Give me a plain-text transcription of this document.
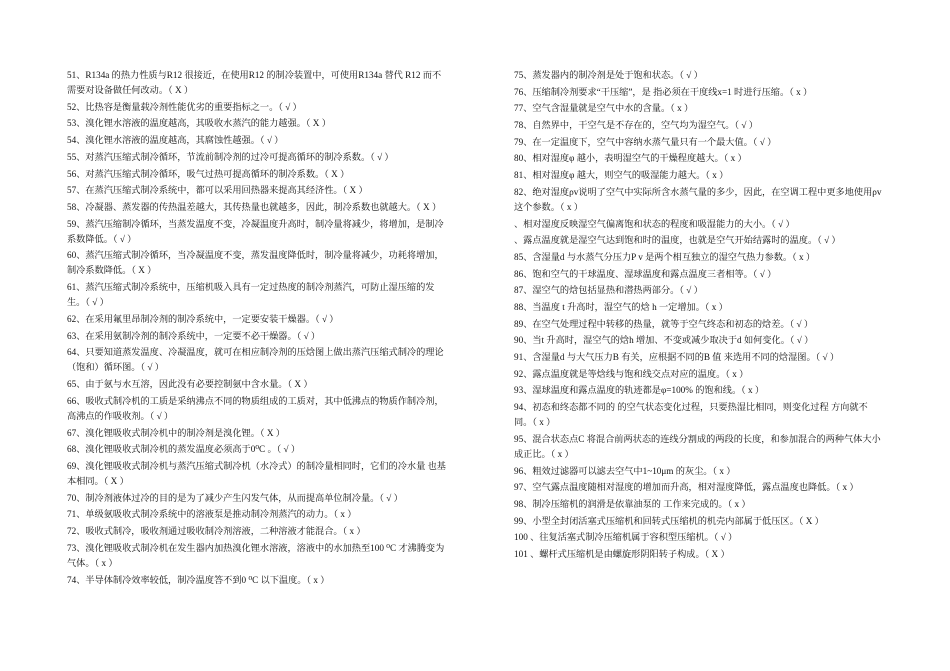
51、R134a 的热力性质与R12 很接近，在使用R12 的制冷装置中，可使用R134a 替代 R12 而不需要对设备做任何改动。（ X ）
52、比热容是衡量载冷剂性能优劣的重要指标之一。（ √ ）
53、溴化锂水溶液的温度越高，其吸收水蒸汽的能力越强。（ X ）
54、溴化锂水溶液的温度越高，其腐蚀性越强。（ √ ）
55、对蒸汽压缩式制冷循环，节流前制冷剂的过冷可提高循环的制冷系数。（ √ ）
56、对蒸汽压缩式制冷循环，吸气过热可提高循环的制冷系数。（ X ）
57、在蒸汽压缩式制冷系统中，都可以采用回热器来提高其经济性。（ X ）
58、冷凝器、蒸发器的传热温差越大，其传热量也就越多，因此，制冷系数也就越大。（ X ）
59、蒸汽压缩制冷循环，当蒸发温度不变，冷凝温度升高时，制冷量将减少，将增加，是制冷系数降低。（ √ ）
60、蒸汽压缩式制冷循环，当冷凝温度不变，蒸发温度降低时，制冷量将减少，功耗将增加，制冷系数降低。（ X ）
61、蒸汽压缩式制冷系统中，压缩机吸入具有一定过热度的制冷剂蒸汽，可防止湿压缩的发生。（ √ ）
62、在采用氟里昂制冷剂的制冷系统中，一定要安装干燥器。（ √ ）
63、在采用氨制冷剂的制冷系统中，一定要不必干燥器。（ √ ）
64、只要知道蒸发温度、冷凝温度，就可在相应制冷剂的压焓图上做出蒸汽压缩式制冷的理论（饱和）循环图。（ √ ）
65、由于氨与水互溶，因此没有必要控制氨中含水量。（ X ）
66、吸收式制冷机的工质是采纳沸点不同的物质组成的工质对，其中低沸点的物质作制冷剂，高沸点的作吸收剂。（ √ ）
67、溴化锂吸收式制冷机中的制冷剂是溴化锂。（ X ）
68、溴化锂吸收式制冷机的蒸发温度必须高于0⁰C 。（ √ ）
69、溴化锂吸收式制冷机与蒸汽压缩式制冷机（水冷式）的制冷量相同时，它们的冷水量 也基本相同。（ X ）
70、制冷剂液体过冷的目的是为了减少产生闪发气体，从而提高单位制冷量。（ √ ）
71、单级氨吸收式制冷系统中的溶液泵是推动制冷剂蒸汽的动力。（ x ）
72、吸收式制冷，吸收剂通过吸收制冷剂溶液，二种溶液才能混合。（ x ）
73、溴化锂吸收式制冷机在发生器内加热溴化锂水溶液，溶液中的水加热至100 ⁰C 才沸腾变为 气体。（ x ）
74、半导体制冷效率较低，制冷温度答不到0 ⁰C 以下温度。（ x ）
75、蒸发器内的制冷剂是处于饱和状态。（ √ ）
76、压缩制冷剂要求“干压缩”，是 指必须在干度线x=1 时进行压缩。（ x ）
77、空气含湿量就是空气中水的含量。（ x ）
78、自然界中，干空气是不存在的，空气均为湿空气。（ √ ）
79、在一定温度下，空气中容纳水蒸气量只有一个最大值。（ √ ）
80、相对湿度φ 越小，表明湿空气的干燥程度越大。（ x ）
81、相对湿度φ 越大，则空气的吸湿能力越大。（ x ）
82、绝对湿度ρv说明了空气中实际所含水蒸气量的多少，因此，在空调工程中更多地使用ρv这个参数。（ x ）
、相对湿度反映湿空气偏离饱和状态的程度和吸湿能力的大小。（ √ ）
、露点温度就是湿空气达到饱和时的温度，也就是空气开始结露时的温度。（ √ ）
85、含湿量d 与水蒸气分压力P v 是两个相互独立的湿空气热力参数。（ x ）
86、饱和空气的干球温度、湿球温度和露点温度三者相等。（ √ ）
87、湿空气的焓包括显热和潜热两部分。（ √ ）
88、当温度 t 升高时，湿空气的焓 h 一定增加。（ x ）
89、在空气处理过程中转移的热量，就等于空气终态和初态的焓差。（ √ ）
90、当t 升高时，湿空气的焓h 增加、不变或减少取决于d 如何变化。（ √ ）
91、含湿量d 与大气压力B 有关，应根据不同的B 值 来选用不同的焓湿图。（ √ ）
92、露点温度就是等焓线与饱和线交点对应的温度。（ x ）
93、湿球温度和露点温度的轨迹都是φ=100% 的饱和线。（ x ）
94、初态和终态都不同的 的空气状态变化过程，只要热湿比相同，则变化过程 方向就不同。（ x ）
95、混合状态点C 将混合前两状态的连线分割成的两段的长度，和参加混合的两种气体大小成正比。（ x ）
96、粗效过滤器可以滤去空气中1~10μm 的灰尘。（ x ）
97、空气露点温度随相对湿度的增加而升高，相对湿度降低，露点温度也降低。（ x ）
98、制冷压缩机的润滑是依靠油泵的 工作来完成的。（ x ）
99、小型全封闭活塞式压缩机和回转式压缩机的机壳内部属于低压区。（ X ）
100 、往复活塞式制冷压缩机属于容积型压缩机。（ √ ）
101 、螺杆式压缩机是由螺旋形阴阳转子构成。（ X ）
